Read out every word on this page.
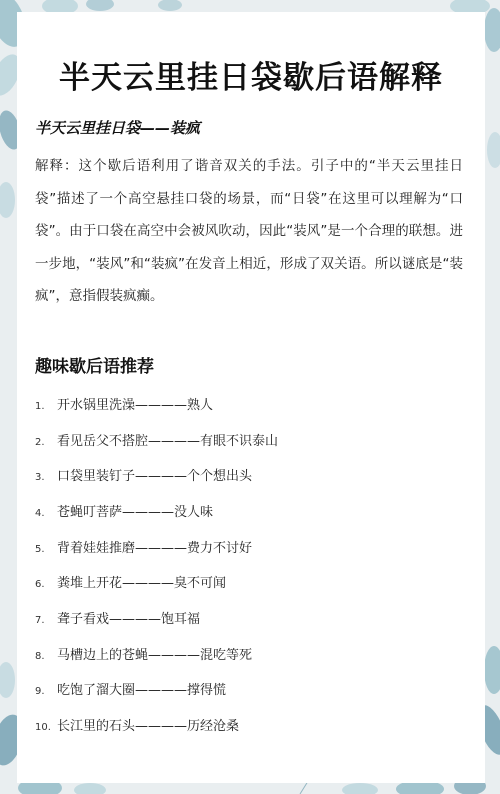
半天云里挂日袋歇后语解释
半天云里挂日袋——装疯

解释：这个歇后语利用了谐音双关的手法。引子中的“半天云里挂日袋”描述了一个高空悬挂口袋的场景，而“日袋”在这里可以理解为“口袋”。由于口袋在高空中会被风吹动，因此“装风”是一个合理的联想。进一步地，“装风”和“装疯”在发音上相近，形成了双关语。所以谜底是“装疯”，意指假装疯癫。

趣味歇后语推荐
1. 开水锅里洗澡————熟人
2. 看见岳父不搭腔————有眼不识泰山
3. 口袋里装钉子————个个想出头
4. 苍蝇叮菩萨————没人味
5. 背着娃娃推磨————费力不讨好
6. 粪堆上开花————臭不可闻
7. 聋子看戏————饱耳福
8. 马槽边上的苍蝇————混吃等死
9. 吃饱了溜大圈————撑得慌
10. 长江里的石头————历经沧桑
